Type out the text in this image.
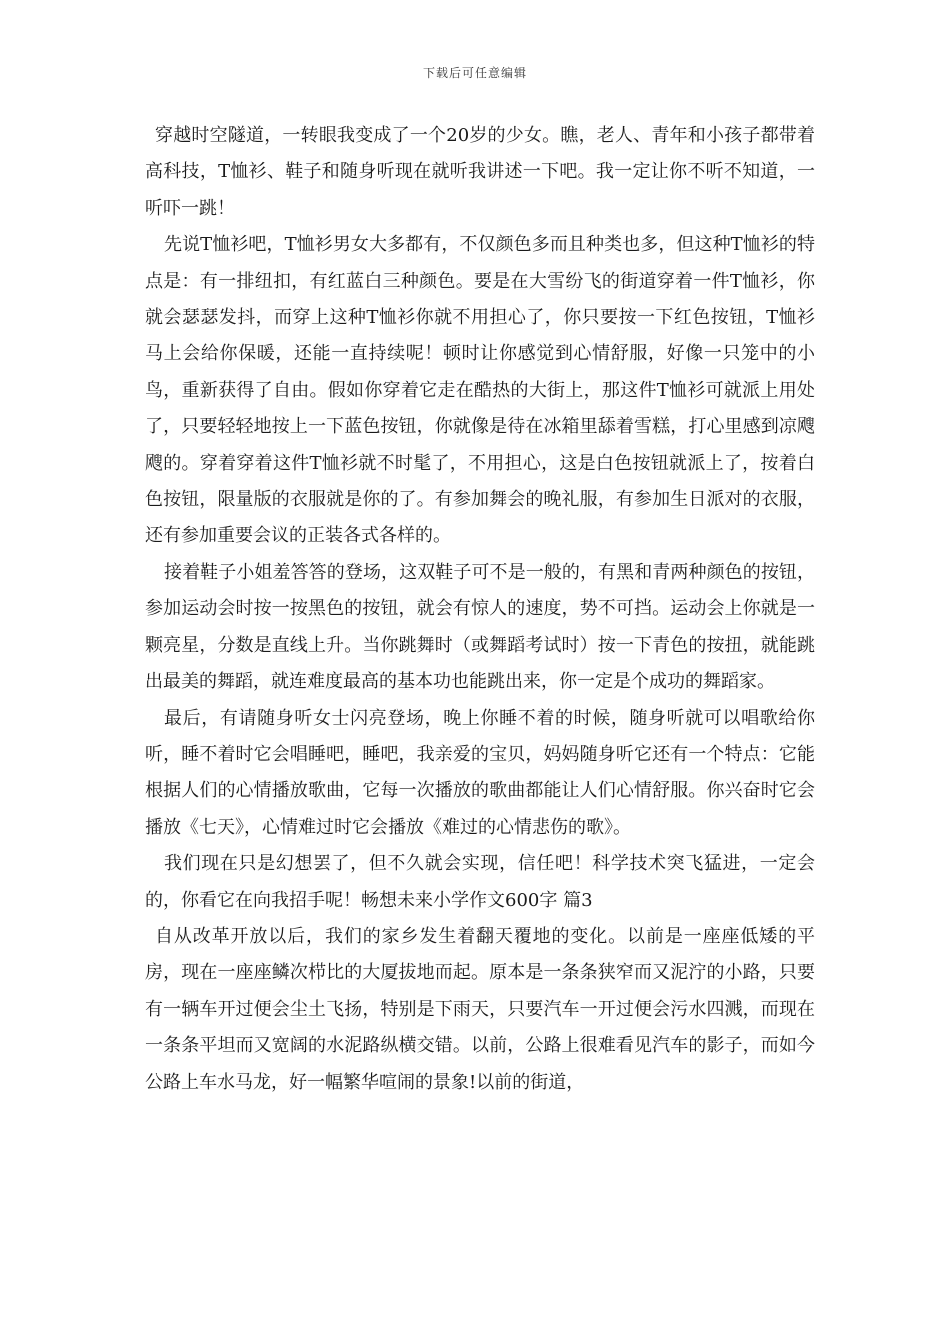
下载后可任意编辑

穿越时空隧道，一转眼我变成了一个20岁的少女。瞧，老人、青年和小孩子都带着高科技，T恤衫、鞋子和随身听现在就听我讲述一下吧。我一定让你不听不知道，一听吓一跳！

先说T恤衫吧，T恤衫男女大多都有，不仅颜色多而且种类也多，但这种T恤衫的特点是：有一排纽扣，有红蓝白三种颜色。要是在大雪纷飞的街道穿着一件T恤衫，你就会瑟瑟发抖，而穿上这种T恤衫你就不用担心了，你只要按一下红色按钮，T恤衫马上会给你保暖，还能一直持续呢！顿时让你感觉到心情舒服，好像一只笼中的小鸟，重新获得了自由。假如你穿着它走在酷热的大街上，那这件T恤衫可就派上用处了，只要轻轻地按上一下蓝色按钮，你就像是待在冰箱里舔着雪糕，打心里感到凉飕飕的。穿着穿着这件T恤衫就不时髦了，不用担心，这是白色按钮就派上了，按着白色按钮，限量版的衣服就是你的了。有参加舞会的晚礼服，有参加生日派对的衣服，还有参加重要会议的正装各式各样的。

接着鞋子小姐羞答答的登场，这双鞋子可不是一般的，有黑和青两种颜色的按钮，参加运动会时按一按黑色的按钮，就会有惊人的速度，势不可挡。运动会上你就是一颗亮星，分数是直线上升。当你跳舞时（或舞蹈考试时）按一下青色的按扭，就能跳出最美的舞蹈，就连难度最高的基本功也能跳出来，你一定是个成功的舞蹈家。

最后，有请随身听女士闪亮登场，晚上你睡不着的时候，随身听就可以唱歌给你听，睡不着时它会唱睡吧，睡吧，我亲爱的宝贝，妈妈随身听它还有一个特点：它能根据人们的心情播放歌曲，它每一次播放的歌曲都能让人们心情舒服。你兴奋时它会播放《七天》，心情难过时它会播放《难过的心情悲伤的歌》。

我们现在只是幻想罢了，但不久就会实现，信任吧！科学技术突飞猛进，一定会的，你看它在向我招手呢！畅想未来小学作文600字 篇3

自从改革开放以后，我们的家乡发生着翻天覆地的变化。以前是一座座低矮的平房，现在一座座鳞次栉比的大厦拔地而起。原本是一条条狭窄而又泥泞的小路，只要有一辆车开过便会尘土飞扬，特别是下雨天，只要汽车一开过便会污水四溅，而现在一条条平坦而又宽阔的水泥路纵横交错。以前，公路上很难看见汽车的影子，而如今公路上车水马龙，好一幅繁华喧闹的景象!以前的街道，
